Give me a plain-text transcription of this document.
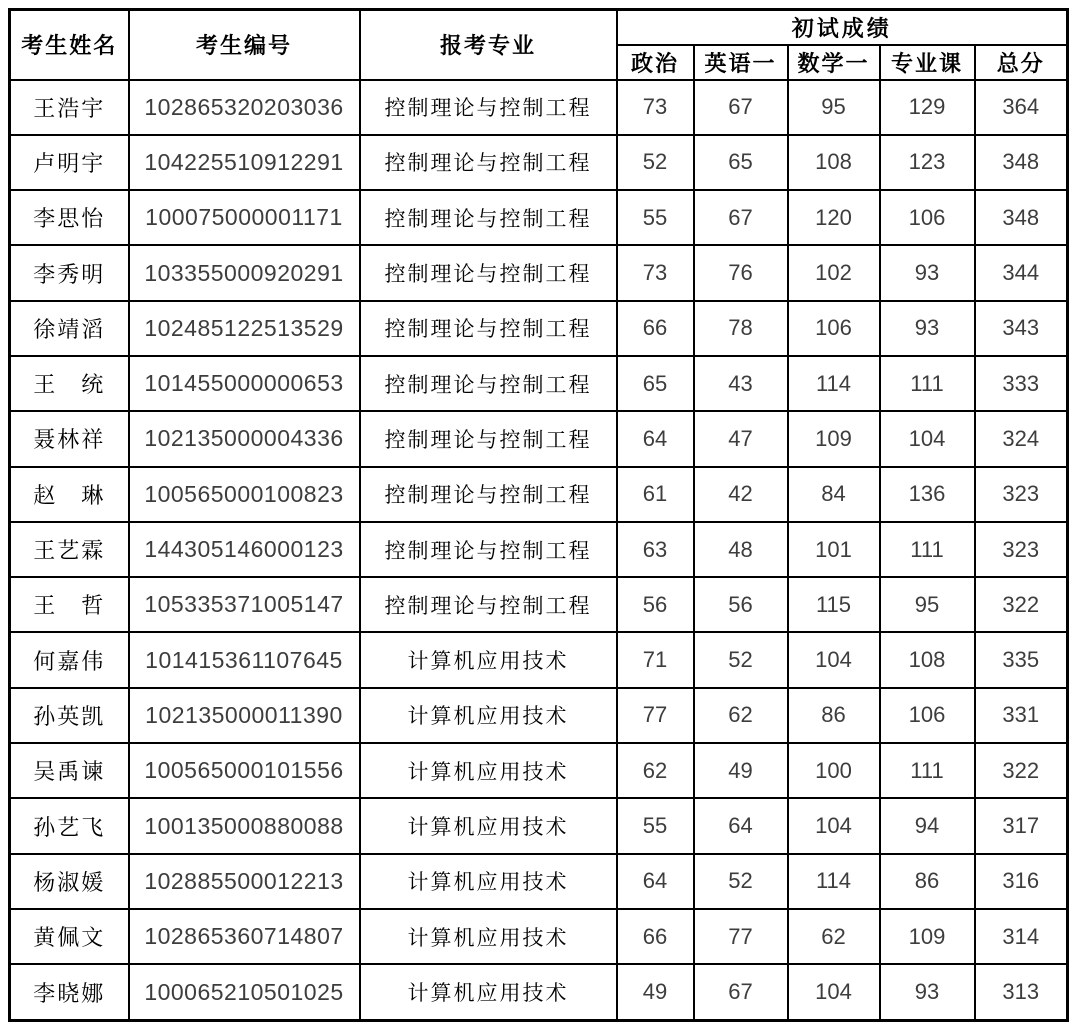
考生姓名	考生编号	报考专业	初试成绩				
			政治	英语一	数学一	专业课	总分
王浩宇	102865320203036	控制理论与控制工程	73	67	95	129	364
卢明宇	104225510912291	控制理论与控制工程	52	65	108	123	348
李思怡	100075000001171	控制理论与控制工程	55	67	120	106	348
李秀明	103355000920291	控制理论与控制工程	73	76	102	93	344
徐靖滔	102485122513529	控制理论与控制工程	66	78	106	93	343
王　统	101455000000653	控制理论与控制工程	65	43	114	111	333
聂林祥	102135000004336	控制理论与控制工程	64	47	109	104	324
赵　琳	100565000100823	控制理论与控制工程	61	42	84	136	323
王艺霖	144305146000123	控制理论与控制工程	63	48	101	111	323
王　哲	105335371005147	控制理论与控制工程	56	56	115	95	322
何嘉伟	101415361107645	计算机应用技术	71	52	104	108	335
孙英凯	102135000011390	计算机应用技术	77	62	86	106	331
吴禹谏	100565000101556	计算机应用技术	62	49	100	111	322
孙艺飞	100135000880088	计算机应用技术	55	64	104	94	317
杨淑媛	102885500012213	计算机应用技术	64	52	114	86	316
黄佩文	102865360714807	计算机应用技术	66	77	62	109	314
李晓娜	100065210501025	计算机应用技术	49	67	104	93	313
